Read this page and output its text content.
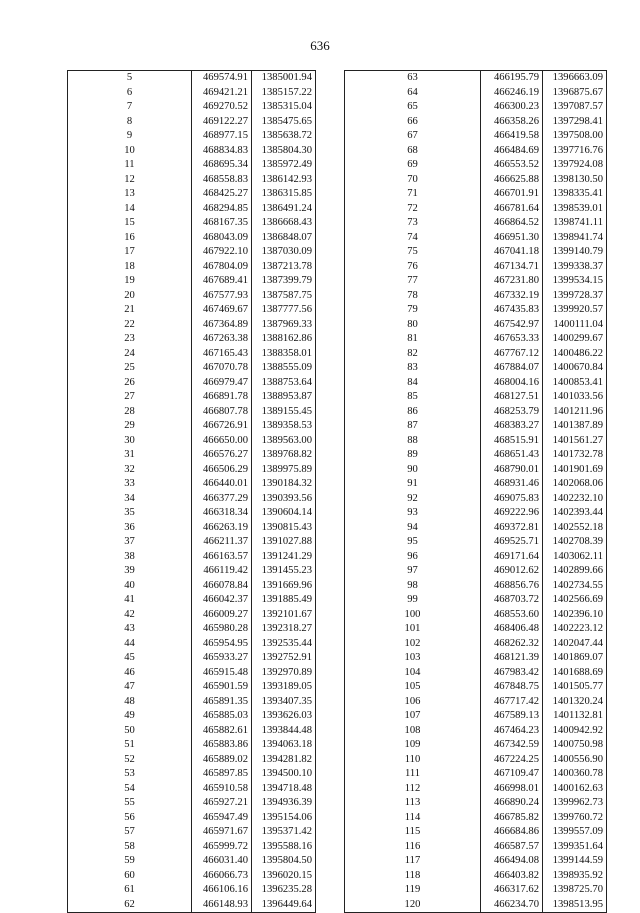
636
5	469574.91	1385001.94
6	469421.21	1385157.22
7	469270.52	1385315.04
8	469122.27	1385475.65
9	468977.15	1385638.72
10	468834.83	1385804.30
11	468695.34	1385972.49
12	468558.83	1386142.93
13	468425.27	1386315.85
14	468294.85	1386491.24
15	468167.35	1386668.43
16	468043.09	1386848.07
17	467922.10	1387030.09
18	467804.09	1387213.78
19	467689.41	1387399.79
20	467577.93	1387587.75
21	467469.67	1387777.56
22	467364.89	1387969.33
23	467263.38	1388162.86
24	467165.43	1388358.01
25	467070.78	1388555.09
26	466979.47	1388753.64
27	466891.78	1388953.87
28	466807.78	1389155.45
29	466726.91	1389358.53
30	466650.00	1389563.00
31	466576.27	1389768.82
32	466506.29	1389975.89
33	466440.01	1390184.32
34	466377.29	1390393.56
35	466318.34	1390604.14
36	466263.19	1390815.43
37	466211.37	1391027.88
38	466163.57	1391241.29
39	466119.42	1391455.23
40	466078.84	1391669.96
41	466042.37	1391885.49
42	466009.27	1392101.67
43	465980.28	1392318.27
44	465954.95	1392535.44
45	465933.27	1392752.91
46	465915.48	1392970.89
47	465901.59	1393189.05
48	465891.35	1393407.35
49	465885.03	1393626.03
50	465882.61	1393844.48
51	465883.86	1394063.18
52	465889.02	1394281.82
53	465897.85	1394500.10
54	465910.58	1394718.48
55	465927.21	1394936.39
56	465947.49	1395154.06
57	465971.67	1395371.42
58	465999.72	1395588.16
59	466031.40	1395804.50
60	466066.73	1396020.15
61	466106.16	1396235.28
62	466148.93	1396449.64
63	466195.79	1396663.09
64	466246.19	1396875.67
65	466300.23	1397087.57
66	466358.26	1397298.41
67	466419.58	1397508.00
68	466484.69	1397716.76
69	466553.52	1397924.08
70	466625.88	1398130.50
71	466701.91	1398335.41
72	466781.64	1398539.01
73	466864.52	1398741.11
74	466951.30	1398941.74
75	467041.18	1399140.79
76	467134.71	1399338.37
77	467231.80	1399534.15
78	467332.19	1399728.37
79	467435.83	1399920.57
80	467542.97	1400111.04
81	467653.33	1400299.67
82	467767.12	1400486.22
83	467884.07	1400670.84
84	468004.16	1400853.41
85	468127.51	1401033.56
86	468253.79	1401211.96
87	468383.27	1401387.89
88	468515.91	1401561.27
89	468651.43	1401732.78
90	468790.01	1401901.69
91	468931.46	1402068.06
92	469075.83	1402232.10
93	469222.96	1402393.44
94	469372.81	1402552.18
95	469525.71	1402708.39
96	469171.64	1403062.11
97	469012.62	1402899.66
98	468856.76	1402734.55
99	468703.72	1402566.69
100	468553.60	1402396.10
101	468406.48	1402223.12
102	468262.32	1402047.44
103	468121.39	1401869.07
104	467983.42	1401688.69
105	467848.75	1401505.77
106	467717.42	1401320.24
107	467589.13	1401132.81
108	467464.23	1400942.92
109	467342.59	1400750.98
110	467224.25	1400556.90
111	467109.47	1400360.78
112	466998.01	1400162.63
113	466890.24	1399962.73
114	466785.82	1399760.72
115	466684.86	1399557.09
116	466587.57	1399351.64
117	466494.08	1399144.59
118	466403.82	1398935.92
119	466317.62	1398725.70
120	466234.70	1398513.95
